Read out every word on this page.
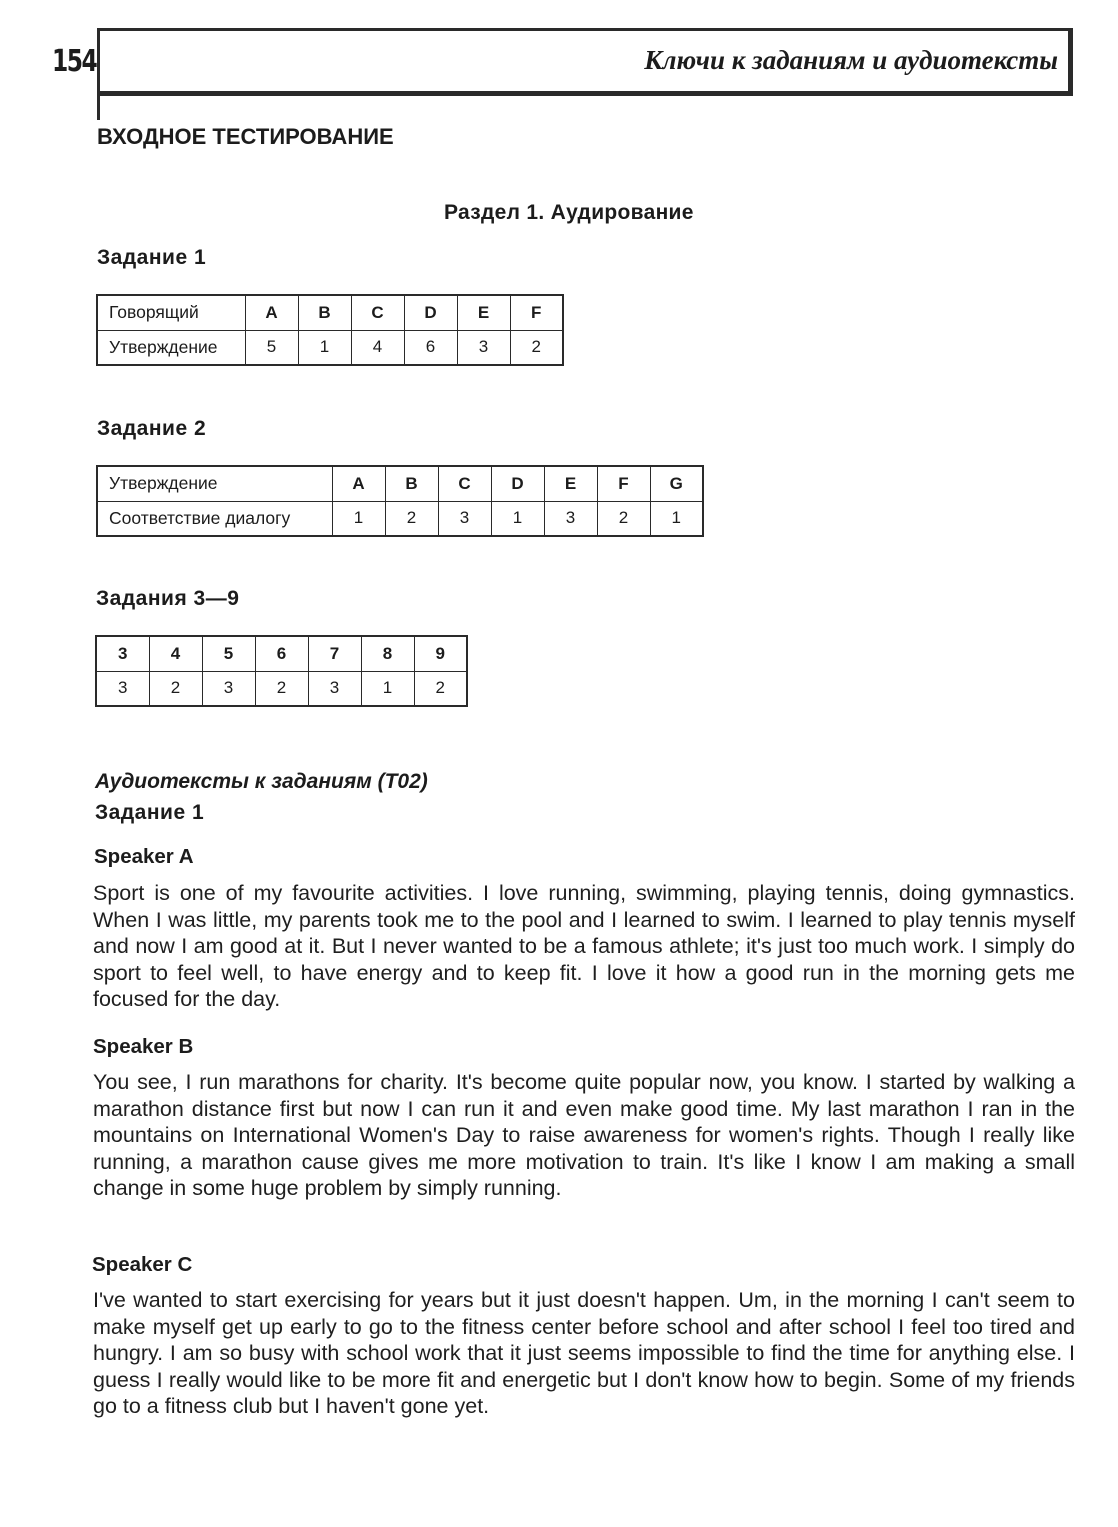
154	Ключи к заданиям и аудиотексты
ВХОДНОЕ ТЕСТИРОВАНИЕ
Раздел 1. Аудирование
Задание 1
Говорящий	A	B	C	D	E	F
Утверждение	5	1	4	6	3	2
Задание 2
Утверждение	A	B	C	D	E	F	G
Соответствие диалогу	1	2	3	1	3	2	1
Задания 3—9
3	4	5	6	7	8	9
3	2	3	2	3	1	2
Аудиотексты к заданиям (Т02)
Задание 1
Speaker A
Sport is one of my favourite activities. I love running, swimming, playing tennis, doing gymnastics. When I was little, my parents took me to the pool and I learned to swim. I learned to play tennis myself and now I am good at it. But I never wanted to be a famous athlete; it's just too much work. I simply do sport to feel well, to have energy and to keep fit. I love it how a good run in the morning gets me focused for the day.
Speaker B
You see, I run marathons for charity. It's become quite popular now, you know. I started by walking a marathon distance first but now I can run it and even make good time. My last marathon I ran in the mountains on International Women's Day to raise awareness for women's rights. Though I really like running, a marathon cause gives me more motivation to train. It's like I know I am making a small change in some huge problem by simply running.
Speaker C
I've wanted to start exercising for years but it just doesn't happen. Um, in the morning I can't seem to make myself get up early to go to the fitness center before school and after school I feel too tired and hungry. I am so busy with school work that it just seems impossible to find the time for anything else. I guess I really would like to be more fit and energetic but I don't know how to begin. Some of my friends go to a fitness club but I haven't gone yet.
